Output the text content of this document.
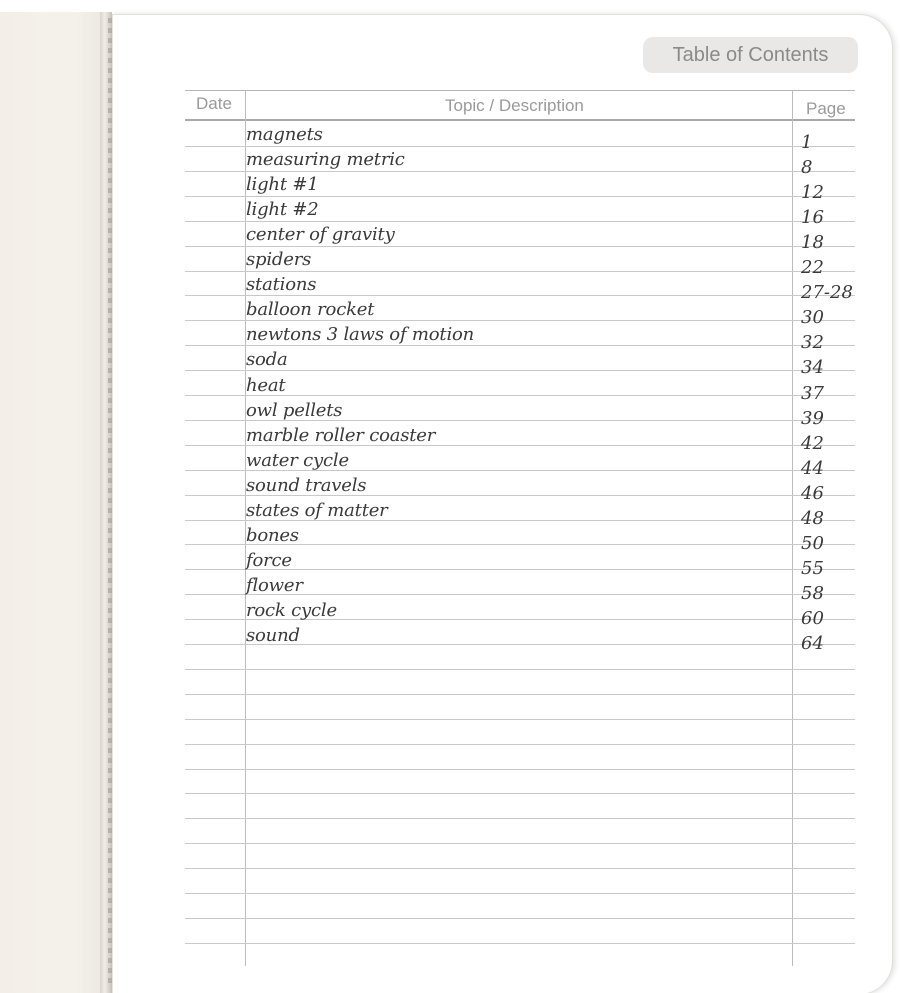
Table of Contents
Date	Topic / Description	Page
magnets	1
measuring metric	8
light #1	12
light #2	16
center of gravity	18
spiders	22
stations	27-28
balloon rocket	30
newtons 3 laws of motion	32
soda	34
heat	37
owl pellets	39
marble roller coaster	42
water cycle	44
sound travels	46
states of matter	48
bones	50
force	55
flower	58
rock cycle	60
sound	64
